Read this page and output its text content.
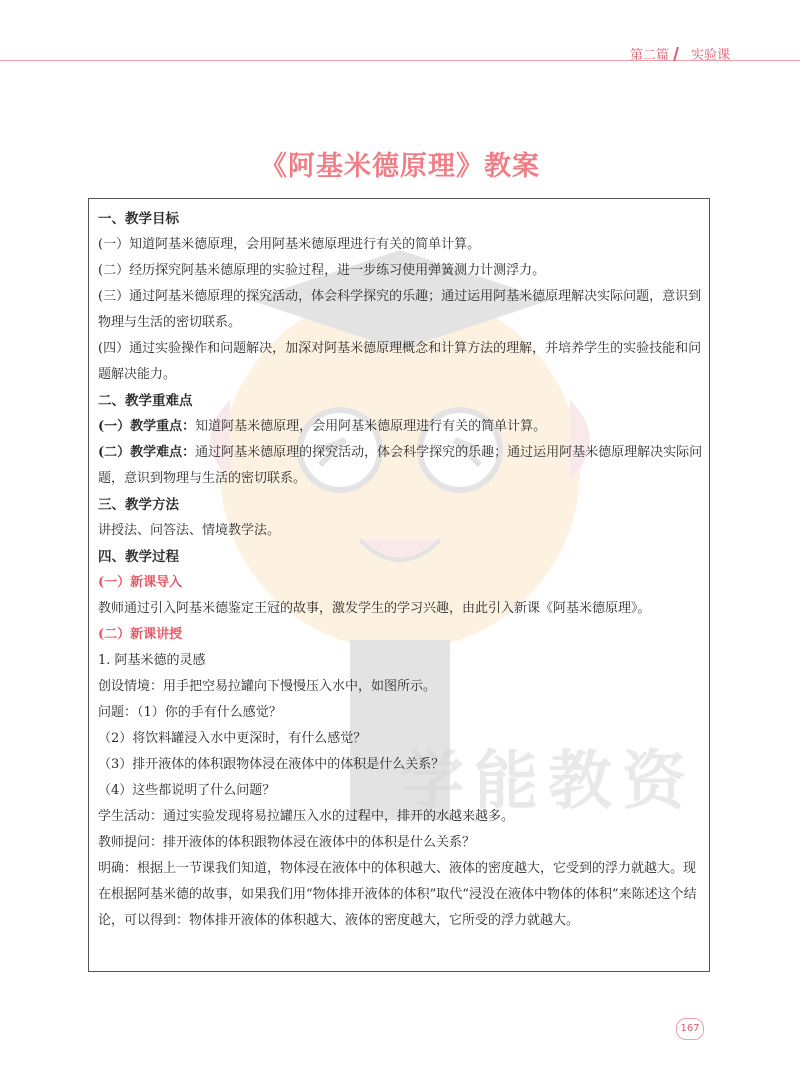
第二篇 实验课
《阿基米德原理》教案
学能教资

一、教学目标

(一）知道阿基米德原理，会用阿基米德原理进行有关的简单计算。

(二）经历探究阿基米德原理的实验过程，进一步练习使用弹簧测力计测浮力。

(三）通过阿基米德原理的探究活动，体会科学探究的乐趣；通过运用阿基米德原理解决实际问题，意识到物理与生活的密切联系。

(四）通过实验操作和问题解决，加深对阿基米德原理概念和计算方法的理解，并培养学生的实验技能和问题解决能力。

二、教学重难点

(一）教学重点：知道阿基米德原理，会用阿基米德原理进行有关的简单计算。

(二）教学难点：通过阿基米德原理的探究活动，体会科学探究的乐趣；通过运用阿基米德原理解决实际问题，意识到物理与生活的密切联系。

三、教学方法

讲授法、问答法、情境教学法。

四、教学过程

(一）新课导入

教师通过引入阿基米德鉴定王冠的故事，激发学生的学习兴趣，由此引入新课《阿基米德原理》。

(二）新课讲授

1. 阿基米德的灵感

创设情境：用手把空易拉罐向下慢慢压入水中，如图所示。

问题：（1）你的手有什么感觉？

（2）将饮料罐浸入水中更深时，有什么感觉？

（3）排开液体的体积跟物体浸在液体中的体积是什么关系？

（4）这些都说明了什么问题？

学生活动：通过实验发现将易拉罐压入水的过程中，排开的水越来越多。

教师提问：排开液体的体积跟物体浸在液体中的体积是什么关系？

明确：根据上一节课我们知道，物体浸在液体中的体积越大、液体的密度越大，它受到的浮力就越大。现在根据阿基米德的故事，如果我们用“物体排开液体的体积”取代“浸没在液体中物体的体积”来陈述这个结论，可以得到：物体排开液体的体积越大、液体的密度越大，它所受的浮力就越大。

167
